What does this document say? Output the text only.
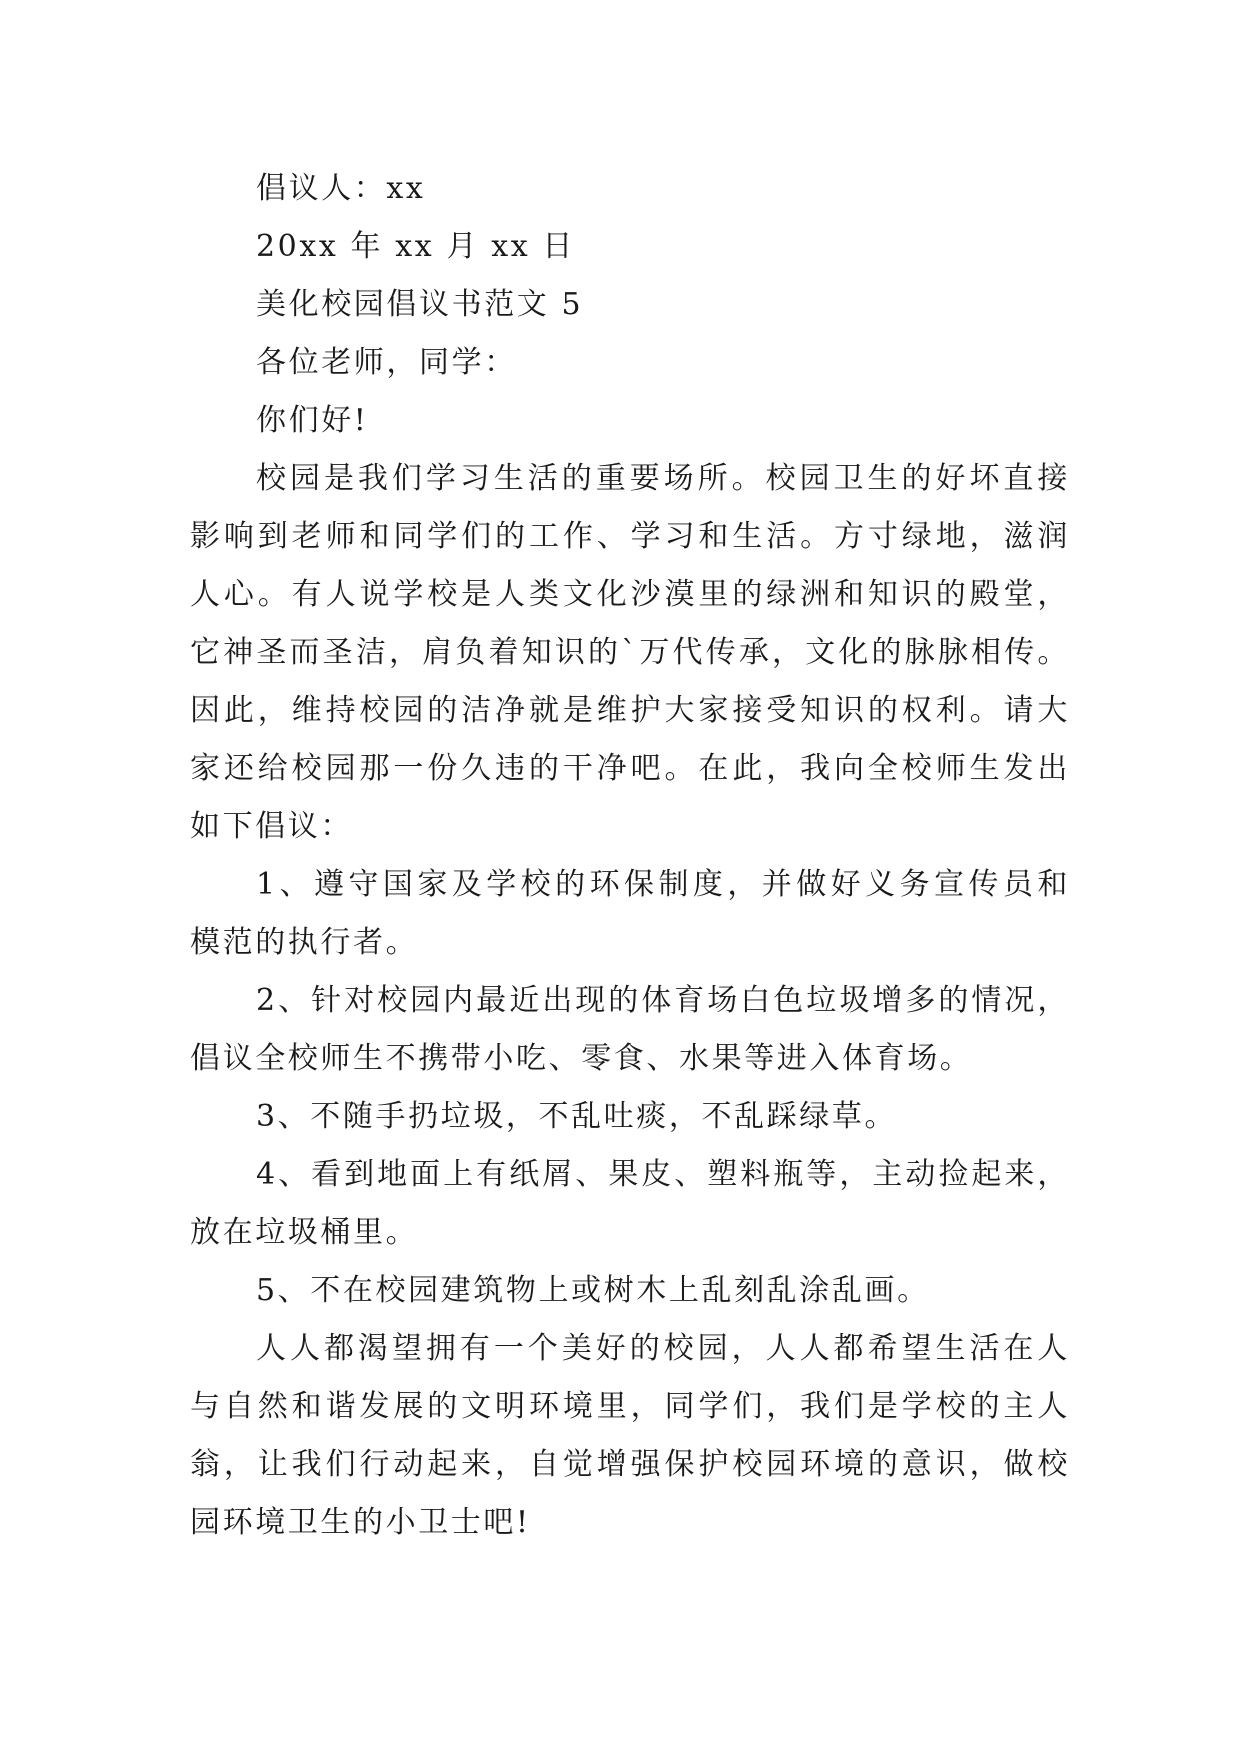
倡议人：xx

20xx 年 xx 月 xx 日

美化校园倡议书范文 5

各位老师，同学：

你们好!

校园是我们学习生活的重要场所。校园卫生的好坏直接

影响到老师和同学们的工作、学习和生活。方寸绿地，滋润

人心。有人说学校是人类文化沙漠里的绿洲和知识的殿堂，

它神圣而圣洁，肩负着知识的`万代传承，文化的脉脉相传。

因此，维持校园的洁净就是维护大家接受知识的权利。请大

家还给校园那一份久违的干净吧。在此，我向全校师生发出

如下倡议：

1、遵守国家及学校的环保制度，并做好义务宣传员和

模范的执行者。

2、针对校园内最近出现的体育场白色垃圾增多的情况，

倡议全校师生不携带小吃、零食、水果等进入体育场。

3、不随手扔垃圾，不乱吐痰，不乱踩绿草。

4、看到地面上有纸屑、果皮、塑料瓶等，主动捡起来，

放在垃圾桶里。

5、不在校园建筑物上或树木上乱刻乱涂乱画。

人人都渴望拥有一个美好的校园，人人都希望生活在人

与自然和谐发展的文明环境里，同学们，我们是学校的主人

翁，让我们行动起来，自觉增强保护校园环境的意识，做校

园环境卫生的小卫士吧!
